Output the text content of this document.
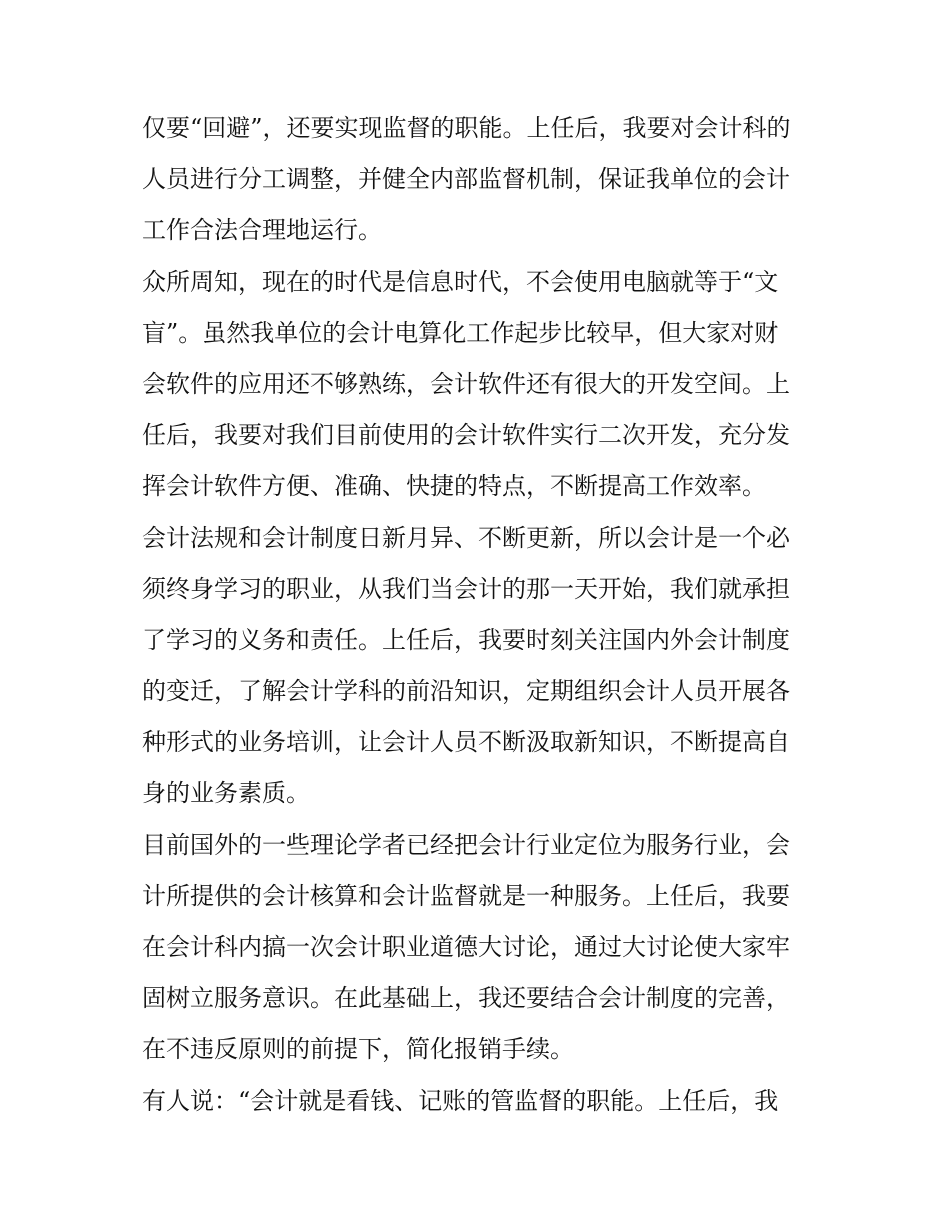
仅要“回避”，还要实现监督的职能。上任后，我要对会计科的
人员进行分工调整，并健全内部监督机制，保证我单位的会计
工作合法合理地运行。
众所周知，现在的时代是信息时代，不会使用电脑就等于“文
盲”。虽然我单位的会计电算化工作起步比较早，但大家对财
会软件的应用还不够熟练，会计软件还有很大的开发空间。上
任后，我要对我们目前使用的会计软件实行二次开发，充分发
挥会计软件方便、准确、快捷的特点，不断提高工作效率。
会计法规和会计制度日新月异、不断更新，所以会计是一个必
须终身学习的职业，从我们当会计的那一天开始，我们就承担
了学习的义务和责任。上任后，我要时刻关注国内外会计制度
的变迁，了解会计学科的前沿知识，定期组织会计人员开展各
种形式的业务培训，让会计人员不断汲取新知识，不断提高自
身的业务素质。
目前国外的一些理论学者已经把会计行业定位为服务行业，会
计所提供的会计核算和会计监督就是一种服务。上任后，我要
在会计科内搞一次会计职业道德大讨论，通过大讨论使大家牢
固树立服务意识。在此基础上，我还要结合会计制度的完善，
在不违反原则的前提下，简化报销手续。
有人说：“会计就是看钱、记账的管监督的职能。上任后，我
